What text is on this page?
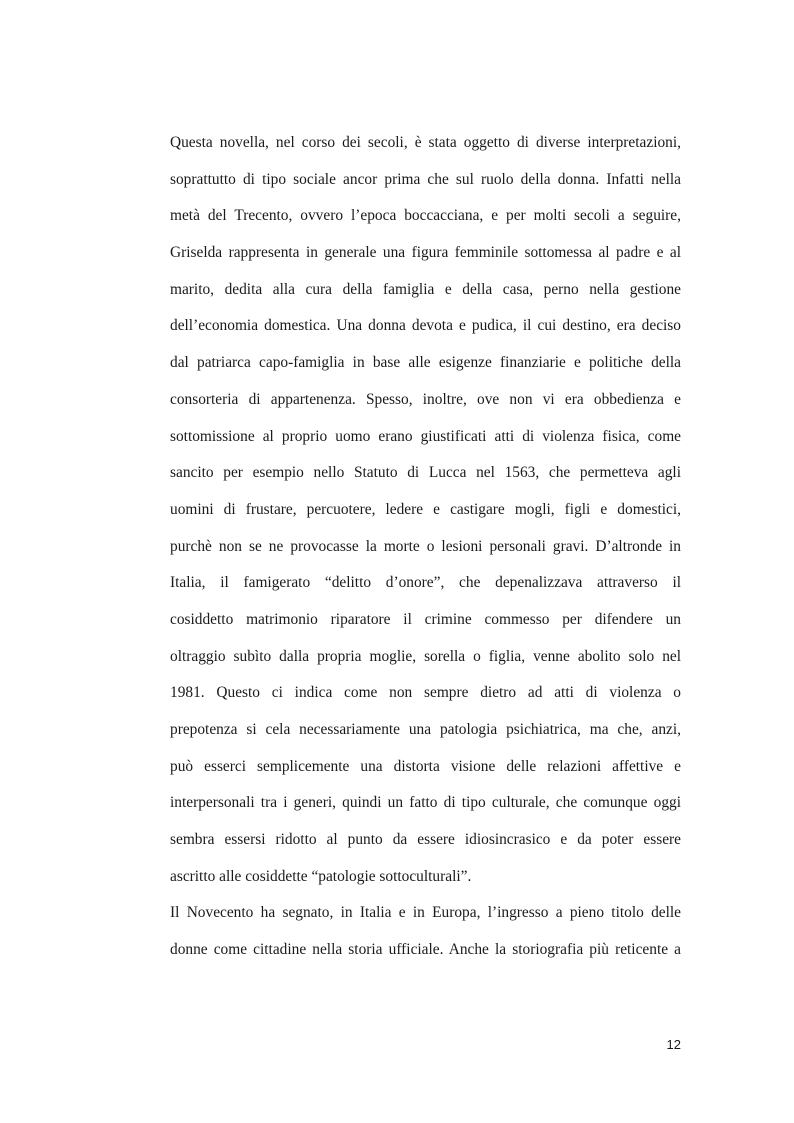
Questa novella, nel corso dei secoli, è stata oggetto di diverse interpretazioni,
soprattutto di tipo sociale ancor prima che sul ruolo della donna. Infatti nella
metà del Trecento, ovvero l’epoca boccacciana, e per molti secoli a seguire,
Griselda rappresenta in generale una figura femminile sottomessa al padre e al
marito, dedita alla cura della famiglia e della casa, perno nella gestione
dell’economia domestica. Una donna devota e pudica, il cui destino, era deciso
dal patriarca capo-famiglia in base alle esigenze finanziarie e politiche della
consorteria di appartenenza. Spesso, inoltre, ove non vi era obbedienza e
sottomissione al proprio uomo erano giustificati atti di violenza fisica, come
sancito per esempio nello Statuto di Lucca nel 1563, che permetteva agli
uomini di frustare, percuotere, ledere e castigare mogli, figli e domestici,
purchè non se ne provocasse la morte o lesioni personali gravi. D’altronde in
Italia, il famigerato “delitto d’onore”, che depenalizzava attraverso il
cosiddetto matrimonio riparatore il crimine commesso per difendere un
oltraggio subìto dalla propria moglie, sorella o figlia, venne abolito solo nel
1981. Questo ci indica come non sempre dietro ad atti di violenza o
prepotenza si cela necessariamente una patologia psichiatrica, ma che, anzi,
può esserci semplicemente una distorta visione delle relazioni affettive e
interpersonali tra i generi, quindi un fatto di tipo culturale, che comunque oggi
sembra essersi ridotto al punto da essere idiosincrasico e da poter essere
ascritto alle cosiddette “patologie sottoculturali”.
Il Novecento ha segnato, in Italia e in Europa, l’ingresso a pieno titolo delle
donne come cittadine nella storia ufficiale. Anche la storiografia più reticente a
12
